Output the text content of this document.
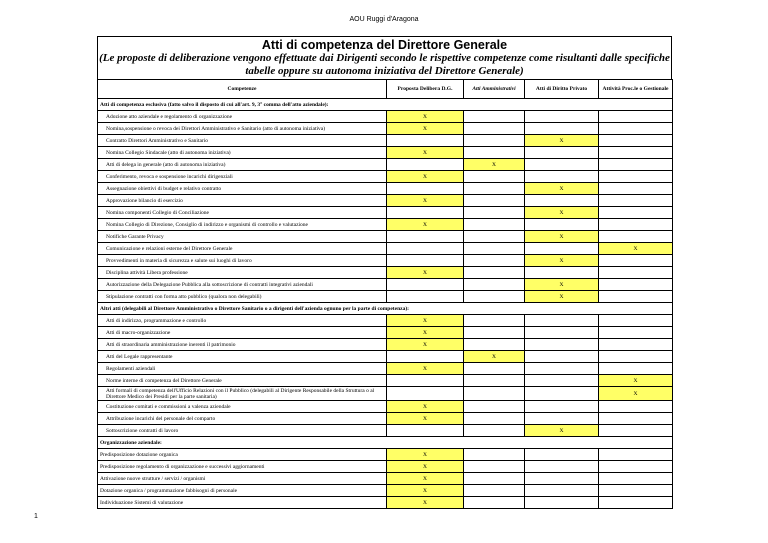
AOU Ruggi d'Aragona
Atti di competenza del Direttore Generale
(Le proposte di deliberazione vengono effettuate dai Dirigenti secondo le rispettive competenze come risultanti dalle specifiche tabelle oppure su autonoma iniziativa del Direttore Generale)
Competenze	Proposta Delibera D.G.	Atti Amministrativi	Atti di Diritto Privato	Attività Proc.le o Gestionale
Atti di competenza esclusiva (fatto salvo il disposto di cui all'art. 9, 3° comma dell'atto aziendale):				
Adozione atto aziendale e regolamento di organizzazione	X			
Nomina,sospensione o revoca dei Direttori Amministrativo e Sanitario (atto di autonoma iniziativa)	X			
Contratto Direttori Amministrativo e Sanitario			X	
Nomina Collegio Sindacale (atto di autonoma iniziativa)	X			
Atti di delega in generale (atto di autonoma iniziativa)		X		
Conferimento, revoca e sospensione incarichi dirigenziali	X			
Assegnazione obiettivi di budget e relativo contratto			X	
Approvazione bilancio di esercizio	X			
Nomina componenti Collegio di Conciliazione			X	
Nomina Collegio di Direzione, Consiglio di indirizzo e organismi di controllo e valutazione	X			
Notifiche Garante Privacy			X	
Comunicazione e relazioni esterne del Direttore Generale				X
Provvedimenti in materia di sicurezza e salute sui luoghi di lavoro			X	
Disciplina attività Libera professione	X			
Autorizzazione della Delegazione Pubblica alla sottoscrizione di contratti integrativi aziendali			X	
Stipulazione contratti con forma atto pubblico (qualora non delegabili)			X	
Altri atti (delegabili al Direttore Amministrativo o Direttore Sanitario o a dirigenti dell'azienda ognuno per la parte di competenza):				
Atti di indirizzo, programmazione e controllo	X			
Atti di macro-organizzazione	X			
Atti di straordinaria amministrazione inerenti il patrimonio	X			
Atti del Legale rappresentante		X		
Regolamenti aziendali	X			
Norme interne di competenza del Direttore Generale				X
Atti formali di competenza dell'Ufficio Relazioni con il Pubblico (delegabili al Dirigente Responsabile della Struttura o al Direttore Medico dei Presidi per la parte sanitaria)				X
Costituzione comitati e commissioni a valenza aziendale	X			
Attribuzione incarichi del personale del comparto	X			
Sottoscrizione contratti di lavoro			X	
Organizzazione aziendale:				
Predisposizione dotazione organica	X			
Predisposizione regolamento di organizzazione e successivi aggiornamenti	X			
Attivazione nuove strutture / servizi / organismi	X			
Dotazione organica / programmazione fabbisogni di personale	X			
Individuazione Sistemi di valutazione	X			
1
